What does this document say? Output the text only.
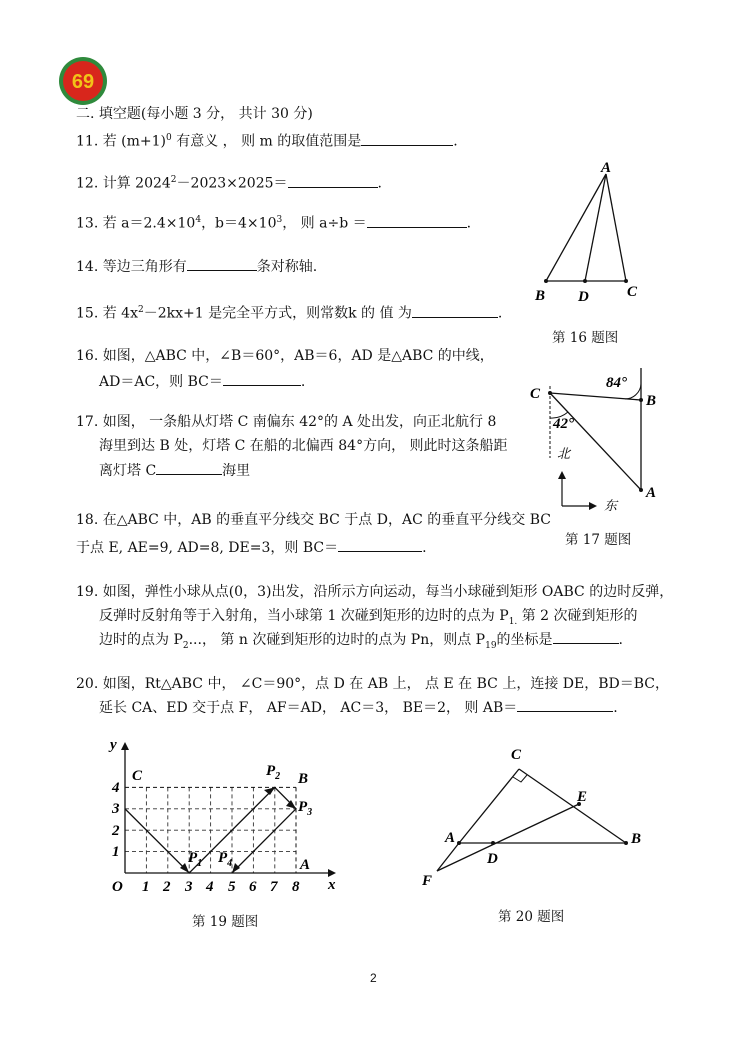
69
二. 填空题(每小题 3 分， 共计 30 分)
11. 若 $(m+1)^0$ 有意义 ， 则 m 的取值范围是	.
12. 计算 $2024^2-2023\times 2025=$	.
13. 若 $a=2.4\times 10^4$，$b=4\times 10^3$， 则 a÷b ＝	.
14. 等边三角形有	条对称轴.
15. 若 $4x^2-2kx+1$ 是完全平方式，则常数k 的 值 为	.
16. 如图，△ABC 中，∠B＝60°，AB＝6，AD 是△ABC 的中线，
AD＝AC，则 BC＝	.
17. 如图， 一条船从灯塔 C 南偏东 42°的 A 处出发，向正北航行 8
海里到达 B 处，灯塔 C 在船的北偏西 84°方向， 则此时这条船距
离灯塔 C	海里
18. 在△ABC 中，AB 的垂直平分线交 BC 于点 D，AC 的垂直平分线交 BC
于点 E, AE=9, AD=8, DE=3，则 BC＝	.
19. 如图，弹性小球从点(0，3)出发，沿所示方向运动，每当小球碰到矩形 OABC 的边时反弹，
反弹时反射角等于入射角，当小球第 1 次碰到矩形的边时的点为 $P_{1.}$ 第 2 次碰到矩形的
边时的点为 $P_2$...， 第 n 次碰到矩形的边时的点为 Pn，则点 $P_{19}$的坐标是	.
20. 如图，Rt△ABC 中， ∠C＝90°，点 D 在 AB 上， 点 E 在 BC 上，连接 DE，BD＝BC，
延长 CA、ED 交于点 F， AF＝AD， AC＝3， BE＝2， 则 AB＝	.
A
B D	C
第 16 题图
C	B
A
84°
42°
北
东
第 17 题图
1 2 3 4 5 6 7 8
1
2
3
4
O	x
y
C	B
A
$P_2$
$P_3$
$P_1$ $P_4$
第 19 题图
C
A
D
E
B
F
第 20 题图
2
